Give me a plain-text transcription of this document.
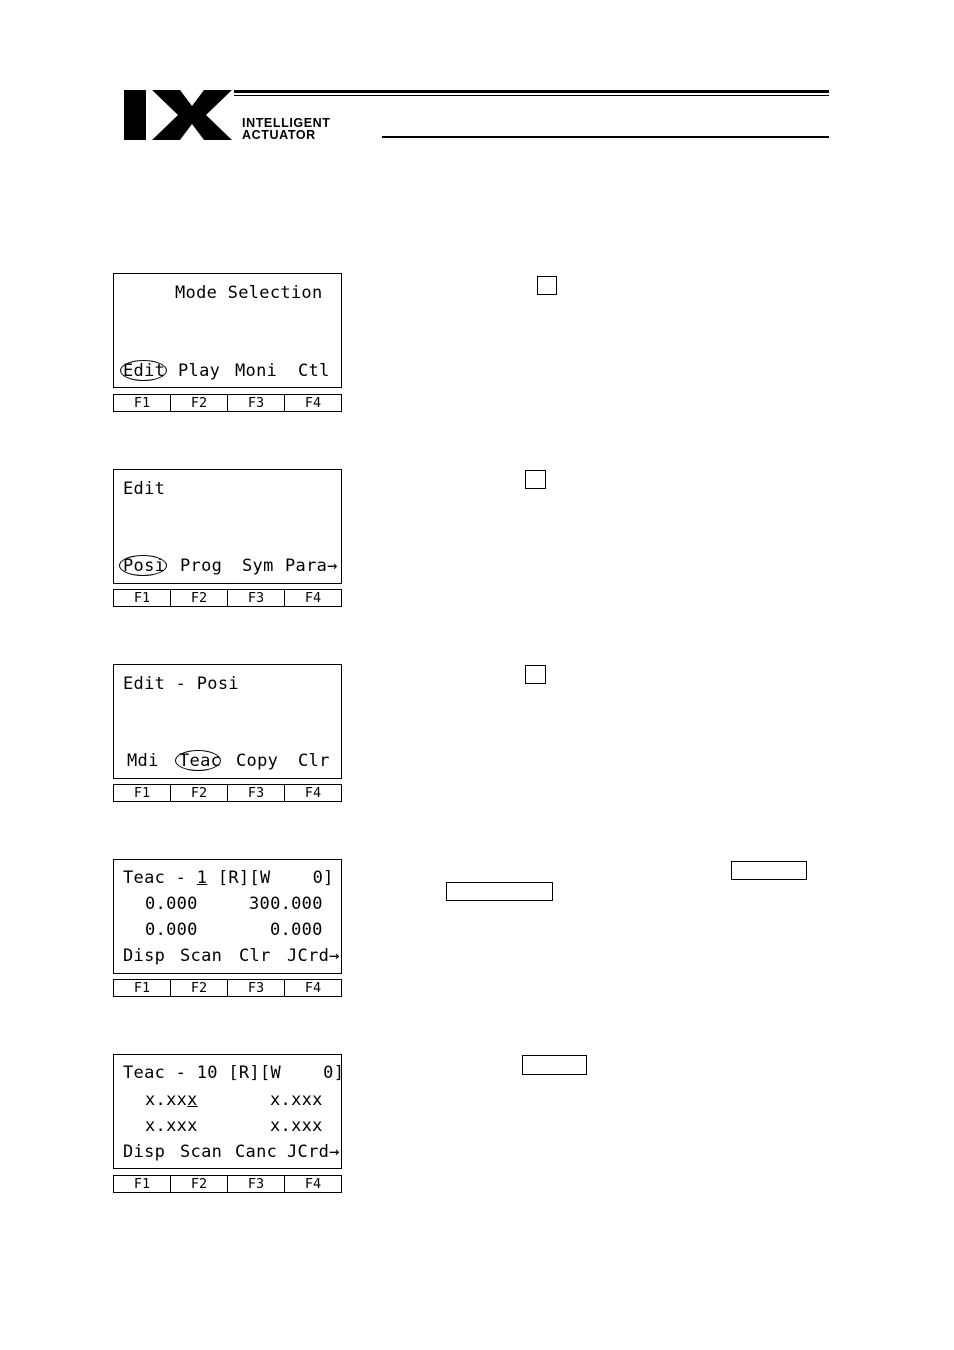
INTELLIGENT
ACTUATOR
Mode Selection
Edit Play Moni Ctl
F1	F2	F3	F4
Edit
Posi Prog Sym Para→
F1	F2	F3	F4
Edit - Posi
Mdi Teac Copy Clr
F1	F2	F3	F4
Teac - 1 [R][W    0]
0.000	300.000
0.000	0.000
Disp Scan Clr JCrd→
F1	F2	F3	F4
Teac - 10 [R][W    0]
x.xxx	x.xxx
x.xxx	x.xxx
Disp Scan Canc JCrd→
F1	F2	F3	F4
